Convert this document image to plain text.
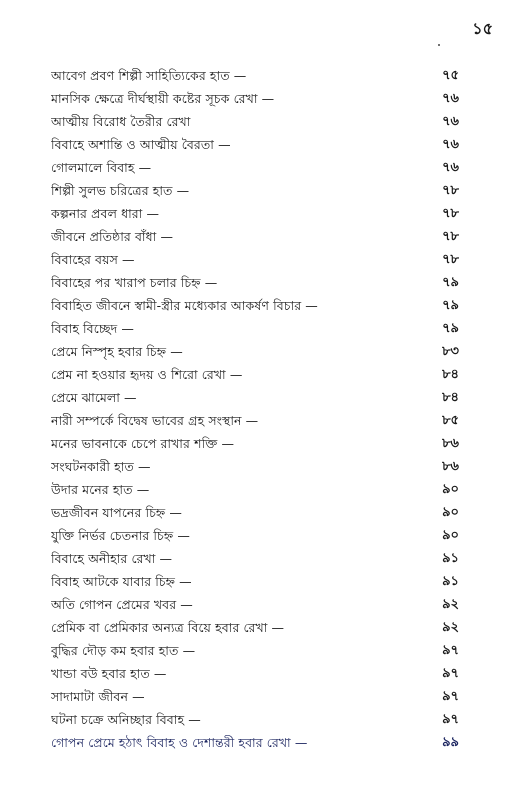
১৫
আবেগ প্রবণ শিল্পী সাহিত্যিকের হাত —	৭৫
মানসিক ক্ষেত্রে দীর্ঘস্থায়ী কষ্টের সূচক রেখা —	৭৬
আত্মীয় বিরোধ তৈরীর রেখা	৭৬
বিবাহে অশান্তি ও আত্মীয় বৈরতা —	৭৬
গোলমালে বিবাহ —	৭৬
শিল্পী সুলভ চরিত্রের হাত —	৭৮
কল্পনার প্রবল ধারা —	৭৮
জীবনে প্রতিষ্ঠার বাঁধা —	৭৮
বিবাহের বয়স —	৭৮
বিবাহের পর খারাপ চলার চিহ্ন —	৭৯
বিবাহিত জীবনে স্বামী-স্ত্রীর মধ্যেকার আকর্ষণ বিচার —	৭৯
বিবাহ বিচ্ছেদ —	৭৯
প্রেমে নিস্পৃহ হবার চিহ্ন —	৮৩
প্রেম না হওয়ার হৃদয় ও শিরো রেখা —	৮৪
প্রেমে ঝামেলা —	৮৪
নারী সম্পর্কে বিদ্বেষ ভাবের গ্রহ সংস্থান —	৮৫
মনের ভাবনাকে চেপে রাখার শক্তি —	৮৬
সংঘটনকারী হাত —	৮৬
উদার মনের হাত —	৯০
ভদ্রজীবন যাপনের চিহ্ন —	৯০
যুক্তি নির্ভর চেতনার চিহ্ন —	৯০
বিবাহে অনীহার রেখা —	৯১
বিবাহ আটকে যাবার চিহ্ন —	৯১
অতি গোপন প্রেমের খবর —	৯২
প্রেমিক বা প্রেমিকার অন্যত্র বিয়ে হবার রেখা —	৯২
বুদ্ধির দৌড় কম হবার হাত —	৯৭
খান্ডা বউ হবার হাত —	৯৭
সাদামাটা জীবন —	৯৭
ঘটনা চক্রে অনিচ্ছার বিবাহ —	৯৭
গোপন প্রেমে হঠাৎ বিবাহ ও দেশান্তরী হবার রেখা —	৯৯
